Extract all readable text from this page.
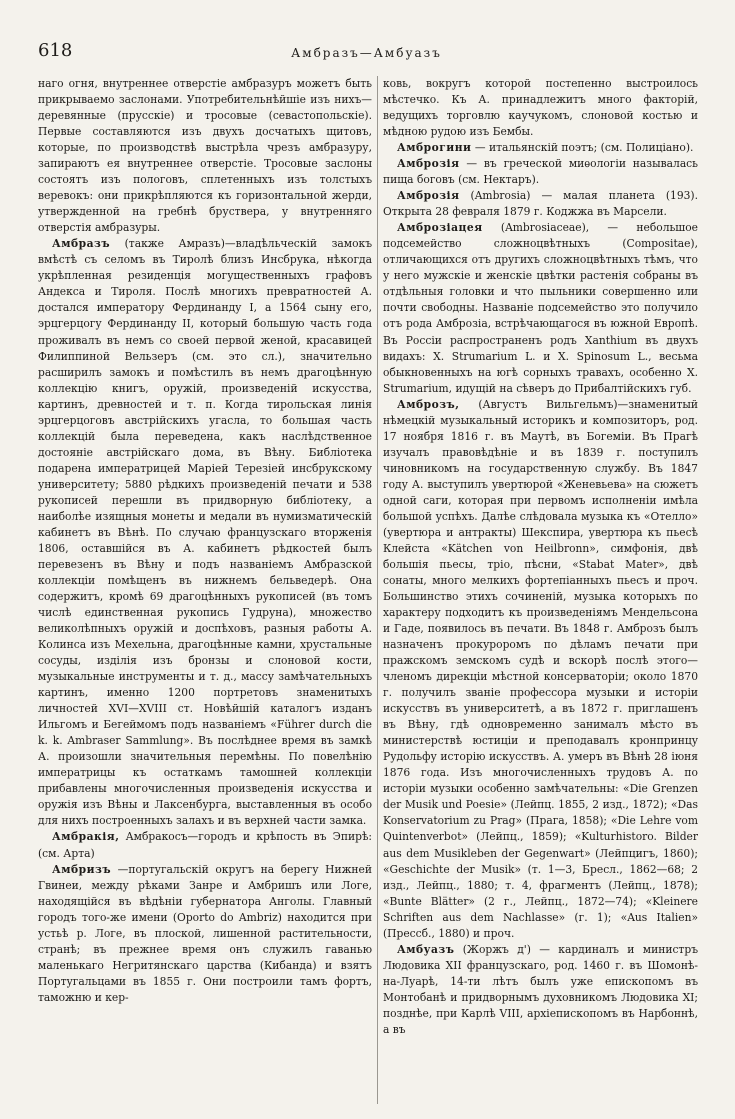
618	Амбразъ—Амбуазъ

наго огня, внутреннее отверстіе амбразуръ можетъ быть прикрываемо заслонами. Употребительнѣйшіе изъ нихъ—деревянные (прусскіе) и тросовые (севастопольскіе). Первые составляются изъ двухъ досчатыхъ щитовъ, которые, по производствѣ выстрѣла чрезъ амбразуру, запираютъ ея внутреннее отверстіе. Тросовые заслоны состоятъ изъ пологовъ, сплетенныхъ изъ толстыхъ веревокъ: они прикрѣпляются къ горизонтальной жерди, утвержденной на гребнѣ бруствера, у внутренняго отверстія амбразуры.

Амбразъ (также Амразъ)—владѣльческій замокъ вмѣстѣ съ селомъ въ Тиролѣ близъ Инсбрука, нѣкогда укрѣпленная резиденція могущественныхъ графовъ Андекса и Тироля. Послѣ многихъ превратностей А. достался императору Фердинанду I, а 1564 сыну его, эрцгерцогу Фердинанду II, который большую часть года проживалъ въ немъ со своей первой женой, красавицей Филиппиной Вельзеръ (см. это сл.), значительно расширилъ замокъ и помѣстилъ въ немъ драгоцѣнную коллекцію книгъ, оружій, произведеній искусства, картинъ, древностей и т. п. Когда тирольская линія эрцгерцоговъ австрійскихъ угасла, то большая часть коллекцій была переведена, какъ наслѣдственное достояніе австрійскаго дома, въ Вѣну. Библіотека подарена императрицей Маріей Терезіей инсбрукскому университету; 5880 рѣдкихъ произведеній печати и 538 рукописей перешли въ придворную библіотеку, а наиболѣе изящныя монеты и медали въ нумизматическій кабинетъ въ Вѣнѣ. По случаю французскаго вторженія 1806, оставшійся въ А. кабинетъ рѣдкостей былъ перевезенъ въ Вѣну и подъ названіемъ Амбразской коллекціи помѣщенъ въ нижнемъ бельведерѣ. Она содержитъ, кромѣ 69 драгоцѣнныхъ рукописей (въ томъ числѣ единственная рукопись Гудруна), множество великолѣпныхъ оружій и доспѣховъ, разныя работы А. Колинса изъ Мехельна, драгоцѣнные камни, хрустальные сосуды, изділія изъ бронзы и слоновой кости, музыкальные инструменты и т. д., массу замѣчательныхъ картинъ, именно 1200 портретовъ знаменитыхъ личностей XVI—XVIII ст. Новѣйшій каталогъ изданъ Ильгомъ и Бегеймомъ подъ названіемъ «Führer durch die k. k. Ambraser Sammlung». Въ послѣднее время въ замкѣ А. произошли значительныя перемѣны. По повелѣнію императрицы къ остаткамъ тамошней коллекціи прибавлены многочисленныя произведенія искусства и оружія изъ Вѣны и Лаксенбурга, выставленныя въ особо для нихъ построенныхъ залахъ и въ верхней части замка.

Амбракія, Амбракосъ—городъ и крѣпость въ Эпирѣ: (см. Арта)

Амбризъ —португальскій округъ на берегу Нижней Гвинеи, между рѣками Занре и Амбришъ или Логе, находящійся въ вѣдѣніи губернатора Анголы. Главный городъ того-же имени (Oporto do Ambriz) находится при устьѣ р. Логе, въ плоской, лишенной растительности, странѣ; въ прежнее время онъ служилъ гаванью маленькаго Негритянскаго царства (Кибанда) и взятъ Португальцами въ 1855 г. Они построили тамъ фортъ, таможню и кер-

ковь, вокругъ которой постепенно выстроилось мѣстечко. Къ А. принадлежитъ много факторій, ведущихъ торговлю каучукомъ, слоновой костью и мѣдною рудою изъ Бембы.

Амброгини — итальянскій поэтъ; (см. Полиціано).

Амброзія — въ греческой миѳологіи называлась пища боговъ (см. Нектаръ).

Амброзія (Ambrosia) — малая планета (193). Открыта 28 февраля 1879 г. Коджжа въ Марсели.

Амброзіацея (Ambrosiaceae), — небольшое подсемейство сложноцвѣтныхъ (Compositae), отличающихся отъ другихъ сложноцвѣтныхъ тѣмъ, что у него мужскіе и женскіе цвѣтки растенія собраны въ отдѣльныя головки и что пыльники совершенно или почти свободны. Названіе подсемейство это получило отъ рода Амброзіа, встрѣчающагося въ южной Европѣ. Въ Россіи распространенъ родъ Xanthium въ двухъ видахъ: X. Strumarium L. и X. Spinosum L., весьма обыкновенныхъ на югѣ сорныхъ травахъ, особенно X. Strumarium, идущій на сѣверъ до Прибалтійскихъ губ.

Амброзъ, (Августъ Вильгельмъ)—знаменитый нѣмецкій музыкальный историкъ и композиторъ, род. 17 ноября 1816 г. въ Маутѣ, въ Богеміи. Въ Прагѣ изучалъ правовѣдѣніе и въ 1839 г. поступилъ чиновникомъ на государственную службу. Въ 1847 году А. выступилъ увертюрой «Женевьева» на сюжетъ одной саги, которая при первомъ исполненіи имѣла большой успѣхъ. Далѣе слѣдовала музыка къ «Отелло» (увертюра и антракты) Шекспира, увертюра къ пьесѣ Клейста «Kätchen von Heilbronn», симфонія, двѣ большія пьесы, тріо, пѣсни, «Stabat Mater», двѣ сонаты, много мелкихъ фортепіанныхъ пьесъ и проч. Большинство этихъ сочиненій, музыка которыхъ по характеру подходитъ къ произведеніямъ Мендельсона и Гаде, появилось въ печати. Въ 1848 г. Амброзъ былъ назначенъ прокуроромъ по дѣламъ печати при пражскомъ земскомъ судѣ и вскорѣ послѣ этого—членомъ дирекціи мѣстной консерваторіи; около 1870 г. получилъ званіе профессора музыки и исторіи искусствъ въ университетѣ, а въ 1872 г. приглашенъ въ Вѣну, гдѣ одновременно занималъ мѣсто въ министерствѣ юстиціи и преподавалъ кронпринцу Рудольфу исторію искусствъ. А. умеръ въ Вѣнѣ 28 іюня 1876 года. Изъ многочисленныхъ трудовъ А. по исторіи музыки особенно замѣчательны: «Die Grenzen der Musik und Poesie» (Лейпц. 1855, 2 изд., 1872); «Das Konservatorium zu Prag» (Прага, 1858); «Die Lehre vom Quintenverbot» (Лейпц., 1859); «Kulturhistoro. Bilder aus dem Musikleben der Gegenwart» (Лейпцигъ, 1860); «Geschichte der Musik» (т. 1—3, Бресл., 1862—68; 2 изд., Лейпц., 1880; т. 4, фрагментъ (Лейпц., 1878); «Bunte Blätter» (2 г., Лейпц., 1872—74); «Kleinere Schriften aus dem Nachlasse» (г. 1); «Aus Italien» (Прессб., 1880) и проч.

Амбуазъ (Жоржъ д') — кардиналъ и министръ Людовика XII французскаго, род. 1460 г. въ Шомонѣ-на-Луарѣ, 14-ти лѣтъ былъ уже епископомъ въ Монтобанѣ и придворнымъ духовникомъ Людовика XI; позднѣе, при Карлѣ VIII, архіепископомъ въ Нарбоннѣ, а въ
